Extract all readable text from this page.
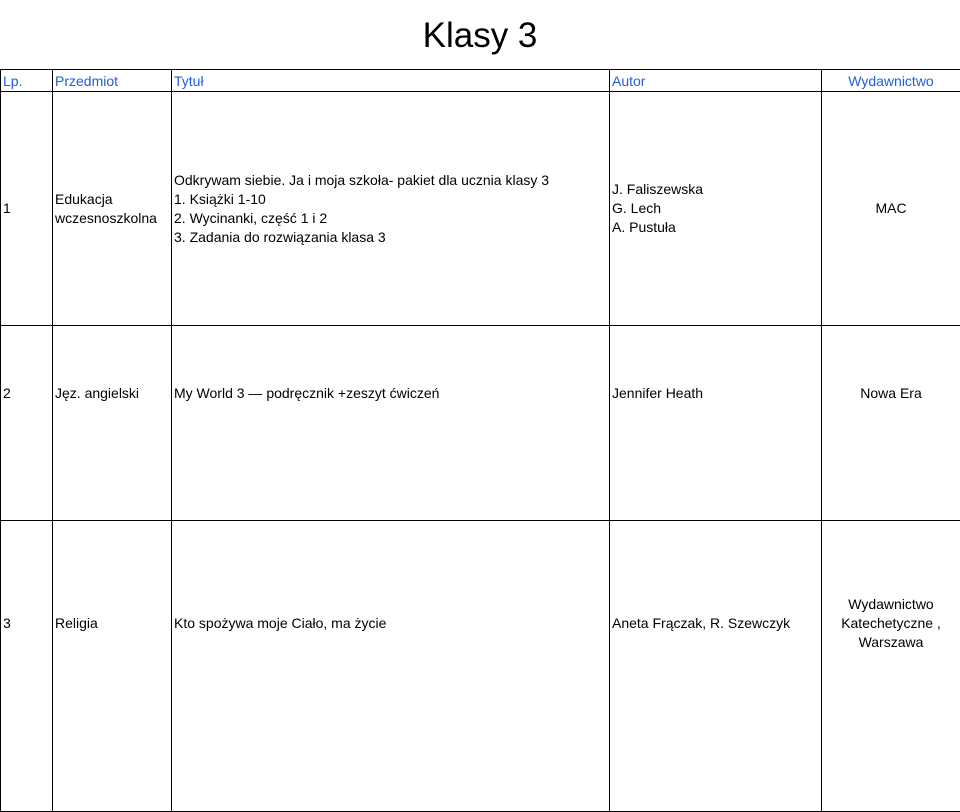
Klasy 3
Lp.	Przedmiot	Tytuł	Autor	Wydawnictwo
1	Edukacja
wczesnoszkolna	Odkrywam siebie. Ja i moja szkoła- pakiet dla ucznia klasy 3
1. Książki 1-10
2. Wycinanki, część 1 i 2
3. Zadania do rozwiązania klasa 3	J. Faliszewska
G. Lech
A. Pustuła	MAC

2	Jęz. angielski	My World 3 — podręcznik +zeszyt ćwiczeń	Jennifer Heath	Nowa Era
3	Religia	Kto spożywa moje Ciało, ma życie	Aneta Frączak, R. Szewczyk	Wydawnictwo
Katechetyczne ,
Warszawa
